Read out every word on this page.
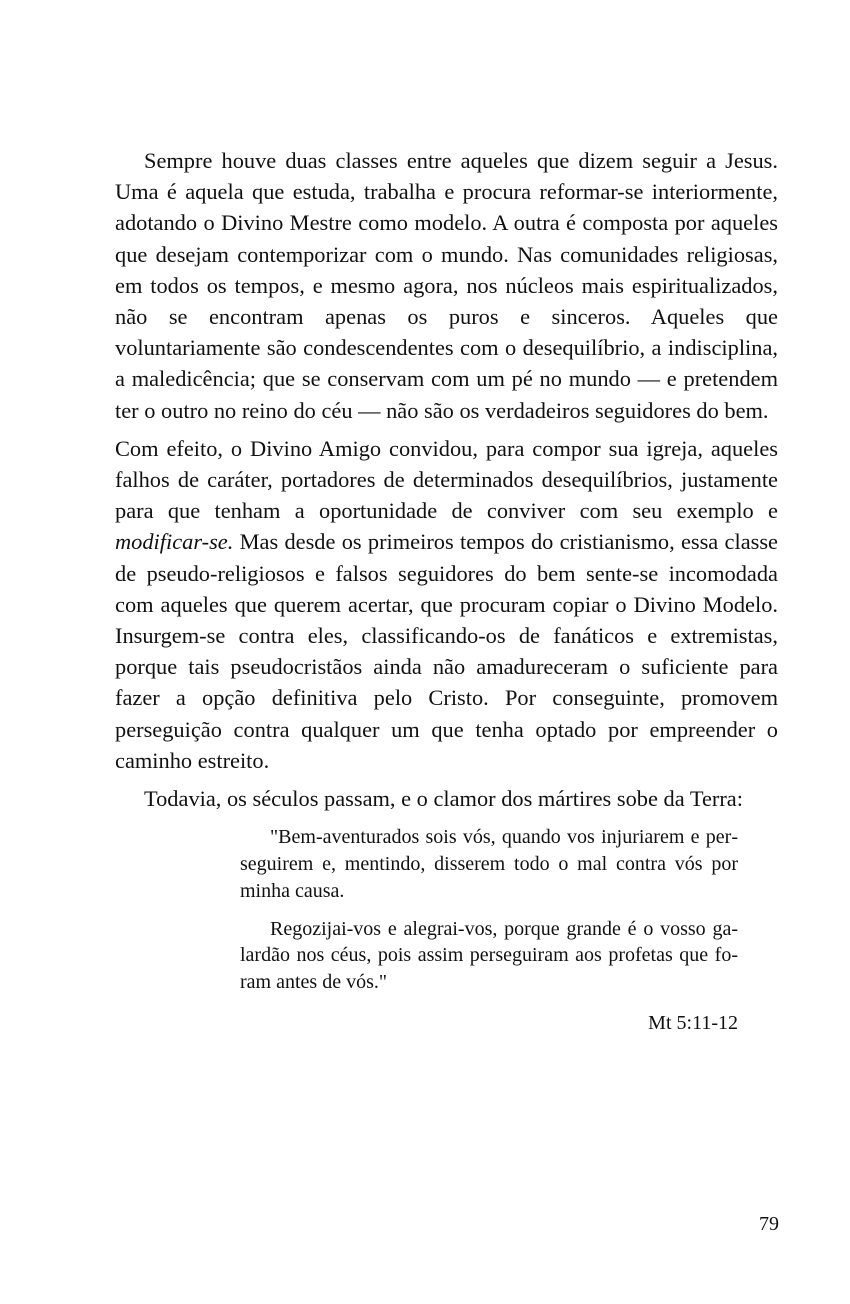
Sempre houve duas classes entre aqueles que dizem seguir a Jesus. Uma é aquela que estuda, trabalha e procura reformar-se interiormente, adotando o Divino Mestre como modelo. A outra é composta por aqueles que desejam contemporizar com o mundo. Nas comunidades religiosas, em todos os tempos, e mesmo agora, nos núcleos mais espiritualizados, não se encontram apenas os puros e sinceros. Aqueles que voluntariamente são condescendentes com o desequilíbrio, a indisciplina, a maledicência; que se conservam com um pé no mundo — e pretendem ter o outro no reino do céu — não são os verdadeiros seguidores do bem.

Com efeito, o Divino Amigo convidou, para compor sua igreja, aqueles falhos de caráter, portadores de determinados desequilíbrios, justamente para que tenham a oportunidade de conviver com seu exemplo e modificar-se. Mas desde os primeiros tempos do cristianismo, essa classe de pseudo-religiosos e falsos seguidores do bem sente-se incomodada com aqueles que querem acertar, que procuram copiar o Divino Modelo. Insurgem-se contra eles, classificando-os de fanáticos e extremistas, porque tais pseudocristãos ainda não amadureceram o suficiente para fazer a opção definitiva pelo Cristo. Por conseguinte, promovem perseguição contra qualquer um que tenha optado por empreender o caminho estreito.

Todavia, os séculos passam, e o clamor dos mártires sobe da Terra:

"Bem-aventurados sois vós, quando vos injuriarem e perseguirem e, mentindo, disserem todo o mal contra vós por minha causa.

Regozijai-vos e alegrai-vos, porque grande é o vosso galardão nos céus, pois assim perseguiram aos profetas que foram antes de vós."

Mt 5:11-12

79
